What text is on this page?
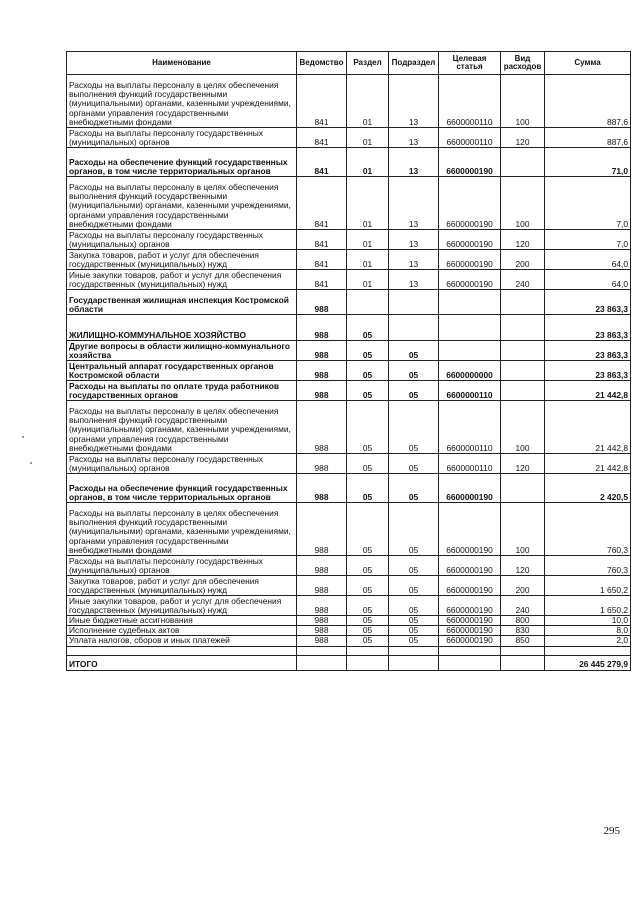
Наименование	Ведомство	Раздел	Подраздел	Целевая статья	Вид расходов	Сумма
Расходы на выплаты персоналу в целях обеспечения выполнения функций государственными (муниципальными) органами, казенными учреждениями, органами управления государственными внебюджетными фондами	841	01	13	6600000110	100	887,6
Расходы на выплаты персоналу государственных (муниципальных) органов	841	01	13	6600000110	120	887,6
Расходы на обеспечение функций государственных органов, в том числе территориальных органов	841	01	13	6600000190		71,0
Расходы на выплаты персоналу в целях обеспечения выполнения функций государственными (муниципальными) органами, казенными учреждениями, органами управления государственными внебюджетными фондами	841	01	13	6600000190	100	7,0
Расходы на выплаты персоналу государственных (муниципальных) органов	841	01	13	6600000190	120	7,0
Закупка товаров, работ и услуг для обеспечения государственных (муниципальных) нужд	841	01	13	6600000190	200	64,0
Иные закупки товаров, работ и услуг для обеспечения государственных (муниципальных) нужд	841	01	13	6600000190	240	64,0
Государственная жилищная инспекция Костромской области	988					23 863,3
ЖИЛИЩНО-КОММУНАЛЬНОЕ ХОЗЯЙСТВО	988	05				23 863,3
Другие вопросы в области жилищно-коммунального хозяйства	988	05	05			23 863,3
Центральный аппарат государственных органов Костромской области	988	05	05	6600000000		23 863,3
Расходы на выплаты по оплате труда работников государственных органов	988	05	05	6600000110		21 442,8
Расходы на выплаты персоналу в целях обеспечения выполнения функций государственными (муниципальными) органами, казенными учреждениями, органами управления государственными внебюджетными фондами	988	05	05	6600000110	100	21 442,8
Расходы на выплаты персоналу государственных (муниципальных) органов	988	05	05	6600000110	120	21 442,8
Расходы на обеспечение функций государственных органов, в том числе территориальных органов	988	05	05	6600000190		2 420,5
Расходы на выплаты персоналу в целях обеспечения выполнения функций государственными (муниципальными) органами, казенными учреждениями, органами управления государственными внебюджетными фондами	988	05	05	6600000190	100	760,3
Расходы на выплаты персоналу государственных (муниципальных) органов	988	05	05	6600000190	120	760,3
Закупка товаров, работ и услуг для обеспечения государственных (муниципальных) нужд	988	05	05	6600000190	200	1 650,2
Иные закупки товаров, работ и услуг для обеспечения государственных (муниципальных) нужд	988	05	05	6600000190	240	1 650,2
Иные бюджетные ассигнования	988	05	05	6600000190	800	10,0
Исполнение судебных актов	988	05	05	6600000190	830	8,0
Уплата налогов, сборов и иных платежей	988	05	05	6600000190	850	2,0

ИТОГО						26 445 279,9
295
